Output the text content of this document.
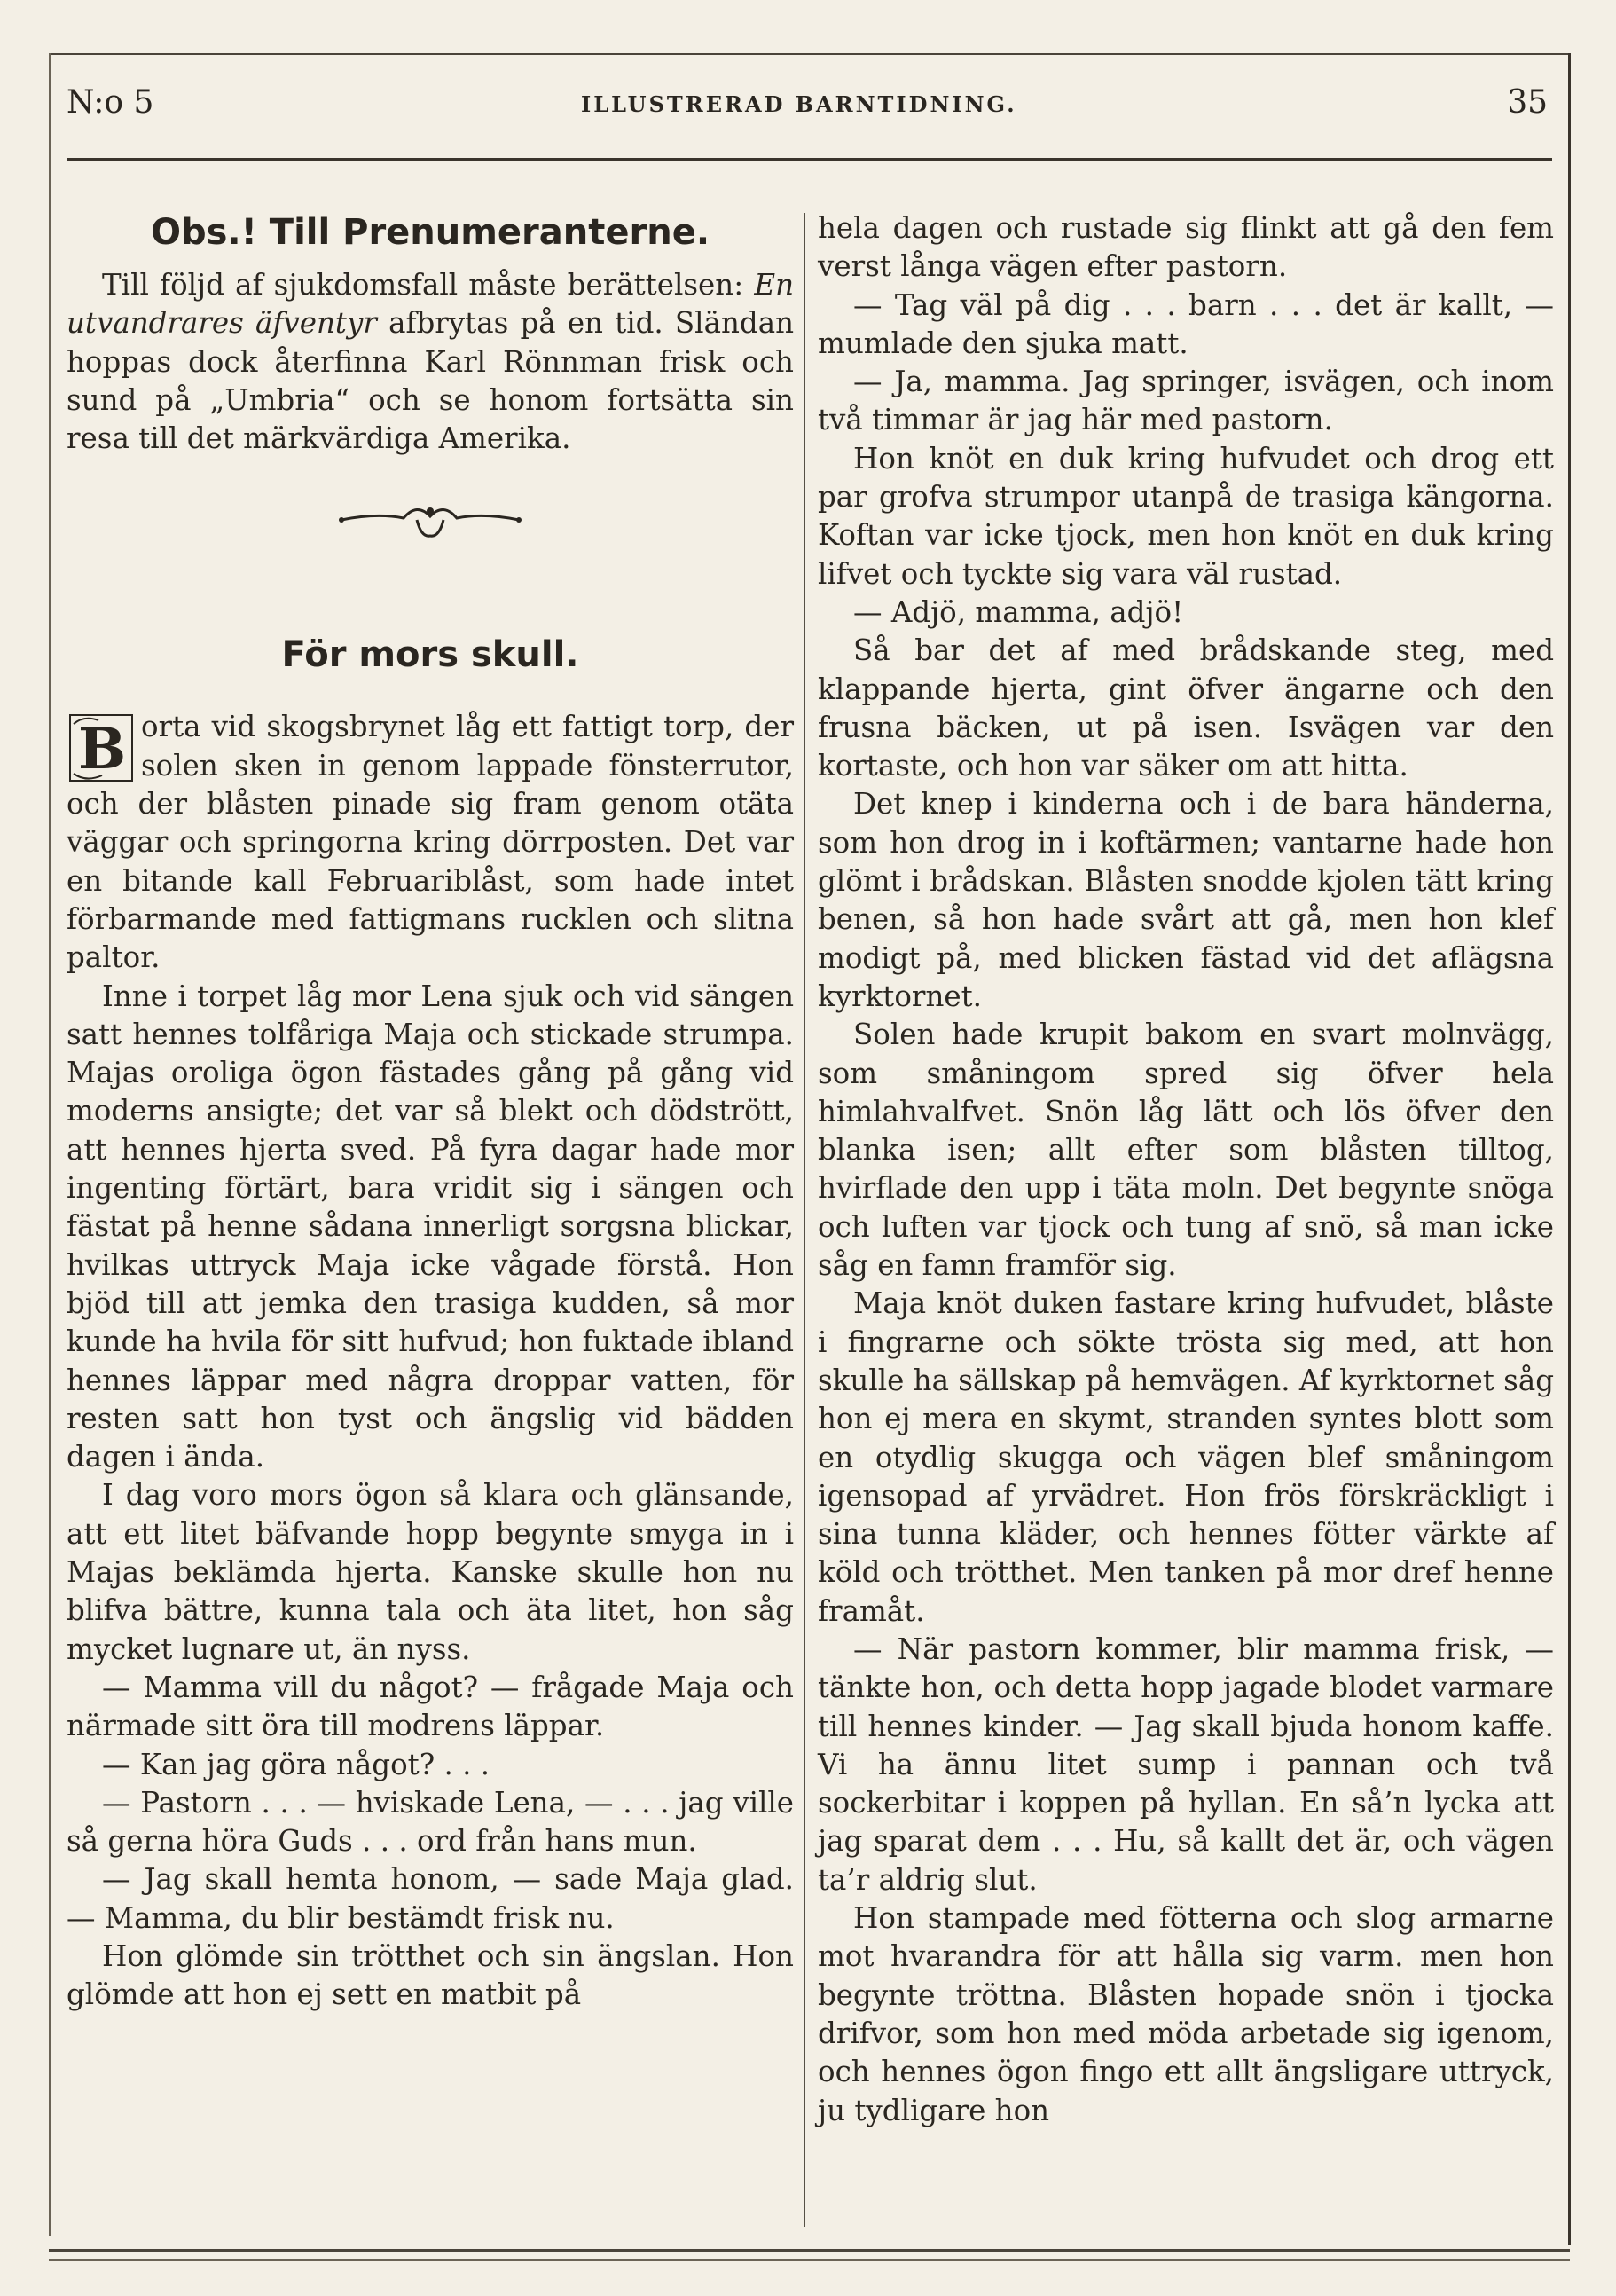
N:o 5	ILLUSTRERAD BARNTIDNING.	35
Obs.! Till Prenumeranterne.

Till följd af sjukdomsfall måste berättelsen: En utvandrares äfventyr afbrytas på en tid. Sländan hoppas dock återfinna Karl Rönnman frisk och sund på „Umbria“ och se honom fortsätta sin resa till det märkvärdiga Amerika.

För mors skull.

B orta vid skogsbrynet låg ett fattigt torp, der solen sken in genom lappade fönsterrutor, och der blåsten pinade sig fram genom otäta väggar och springorna kring dörrposten. Det var en bitande kall Februariblåst, som hade intet förbarmande med fattigmans rucklen och slitna paltor.

Inne i torpet låg mor Lena sjuk och vid sängen satt hennes tolfåriga Maja och stickade strumpa. Majas oroliga ögon fästades gång på gång vid moderns ansigte; det var så blekt och dödstrött, att hennes hjerta sved. På fyra dagar hade mor ingenting förtärt, bara vridit sig i sängen och fästat på henne sådana innerligt sorgsna blickar, hvilkas uttryck Maja icke vågade förstå. Hon bjöd till att jemka den trasiga kudden, så mor kunde ha hvila för sitt hufvud; hon fuktade ibland hennes läppar med några droppar vatten, för resten satt hon tyst och ängslig vid bädden dagen i ända.

I dag voro mors ögon så klara och glänsande, att ett litet bäfvande hopp begynte smyga in i Majas beklämda hjerta. Kanske skulle hon nu blifva bättre, kunna tala och äta litet, hon såg mycket lugnare ut, än nyss.

— Mamma vill du något? — frågade Maja och närmade sitt öra till modrens läppar.

— Kan jag göra något? . . .

— Pastorn . . . — hviskade Lena, — . . . jag ville så gerna höra Guds . . . ord från hans mun.

— Jag skall hemta honom, — sade Maja glad. — Mamma, du blir bestämdt frisk nu.

Hon glömde sin trötthet och sin ängslan. Hon glömde att hon ej sett en matbit på

hela dagen och rustade sig flinkt att gå den fem verst långa vägen efter pastorn.

— Tag väl på dig . . . barn . . . det är kallt, — mumlade den sjuka matt.

— Ja, mamma. Jag springer, isvägen, och inom två timmar är jag här med pastorn.

Hon knöt en duk kring hufvudet och drog ett par grofva strumpor utanpå de trasiga kängorna. Koftan var icke tjock, men hon knöt en duk kring lifvet och tyckte sig vara väl rustad.

— Adjö, mamma, adjö!

Så bar det af med brådskande steg, med klappande hjerta, gint öfver ängarne och den frusna bäcken, ut på isen. Isvägen var den kortaste, och hon var säker om att hitta.

Det knep i kinderna och i de bara händerna, som hon drog in i koftärmen; vantarne hade hon glömt i brådskan. Blåsten snodde kjolen tätt kring benen, så hon hade svårt att gå, men hon klef modigt på, med blicken fästad vid det aflägsna kyrktornet.

Solen hade krupit bakom en svart molnvägg, som småningom spred sig öfver hela himlahvalfvet. Snön låg lätt och lös öfver den blanka isen; allt efter som blåsten tilltog, hvirflade den upp i täta moln. Det begynte snöga och luften var tjock och tung af snö, så man icke såg en famn framför sig.

Maja knöt duken fastare kring hufvudet, blåste i fingrarne och sökte trösta sig med, att hon skulle ha sällskap på hemvägen. Af kyrktornet såg hon ej mera en skymt, stranden syntes blott som en otydlig skugga och vägen blef småningom igensopad af yrvädret. Hon frös förskräckligt i sina tunna kläder, och hennes fötter värkte af köld och trötthet. Men tanken på mor dref henne framåt.

— När pastorn kommer, blir mamma frisk, — tänkte hon, och detta hopp jagade blodet varmare till hennes kinder. — Jag skall bjuda honom kaffe. Vi ha ännu litet sump i pannan och två sockerbitar i koppen på hyllan. En så’n lycka att jag sparat dem . . . Hu, så kallt det är, och vägen ta’r aldrig slut.

Hon stampade med fötterna och slog armarne mot hvarandra för att hålla sig varm. men hon begynte tröttna. Blåsten hopade snön i tjocka drifvor, som hon med möda arbetade sig igenom, och hennes ögon fingo ett allt ängsligare uttryck, ju tydligare hon
